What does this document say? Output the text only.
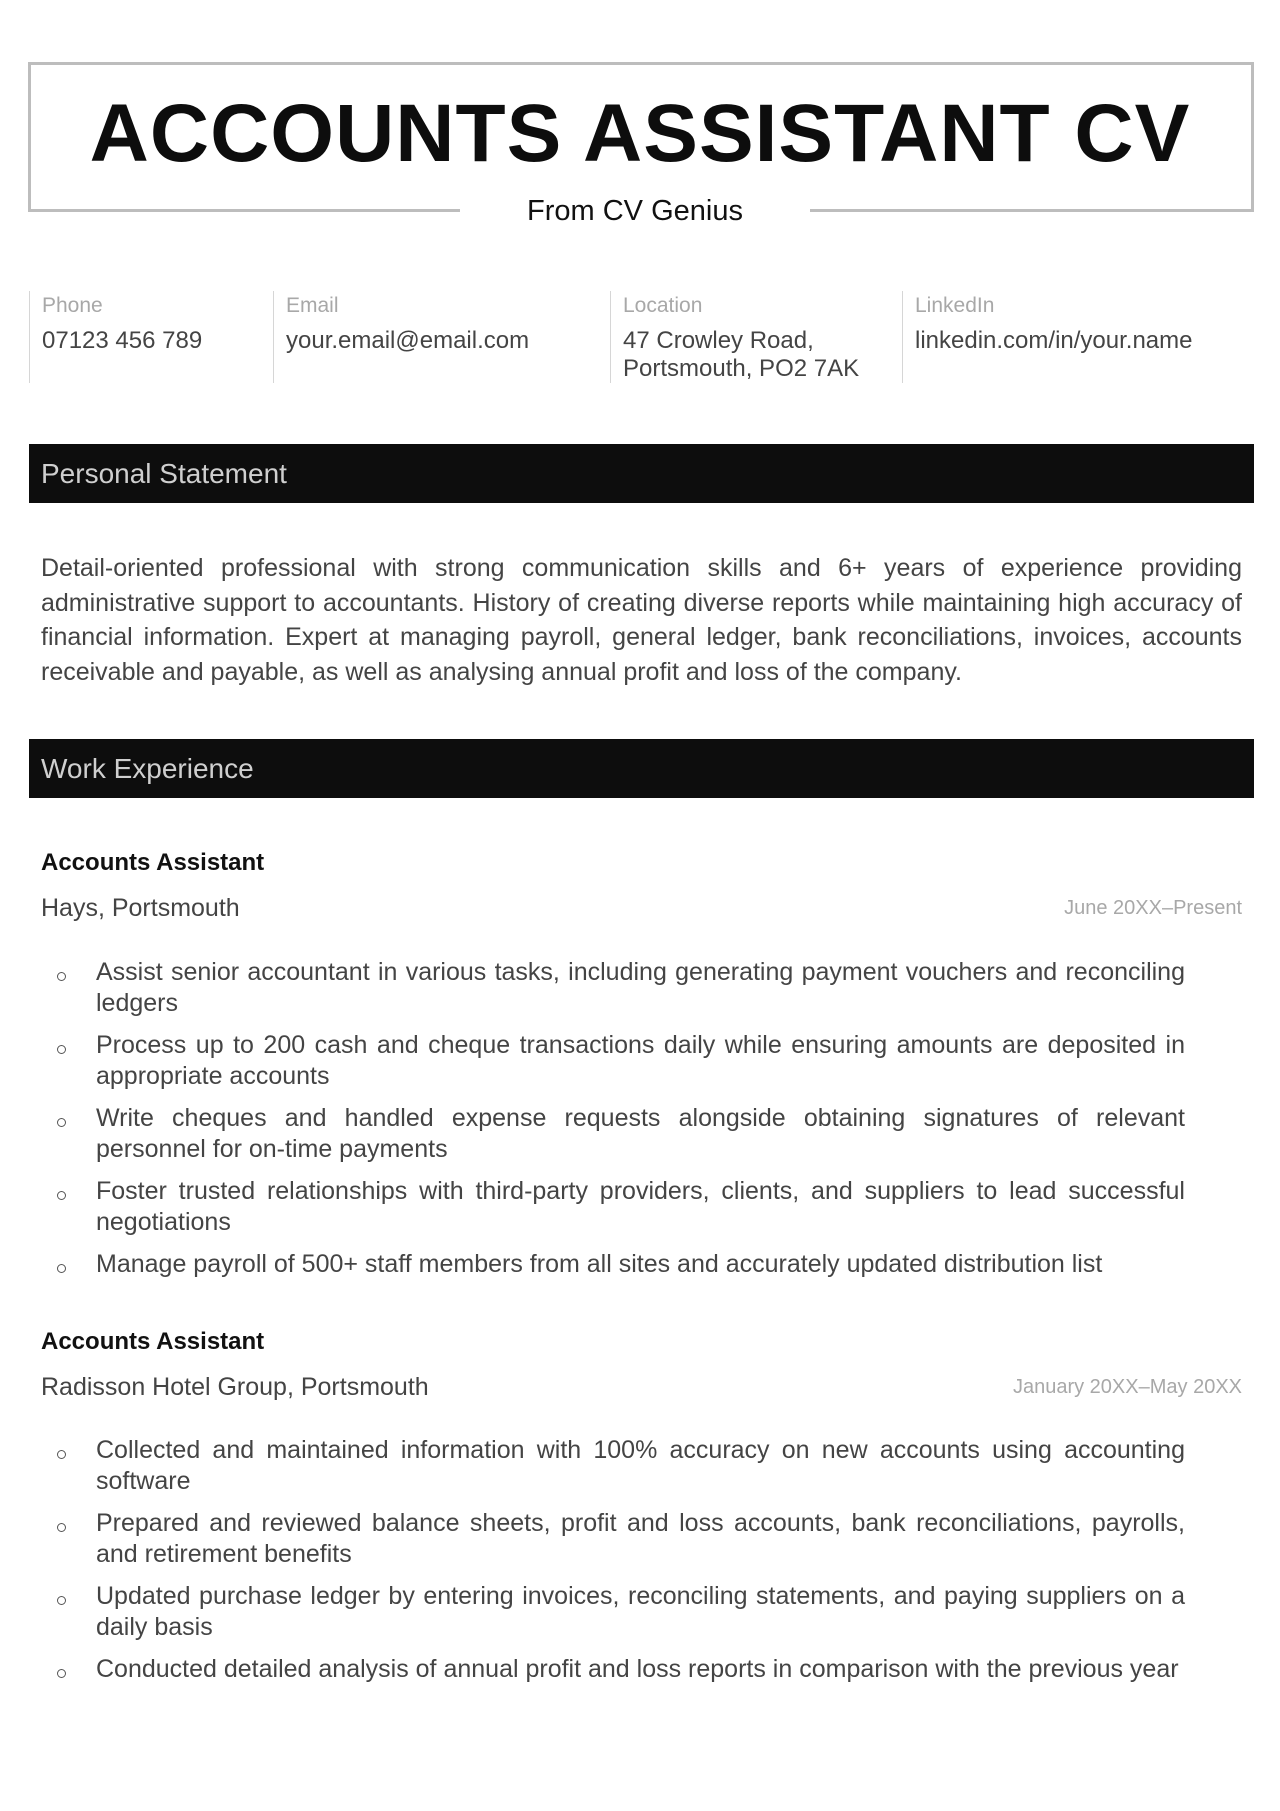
ACCOUNTS ASSISTANT CV
From CV Genius
Phone
07123 456 789
Email
your.email@email.com
Location
47 Crowley Road,
Portsmouth, PO2 7AK
LinkedIn
linkedin.com/in/your.name
Personal Statement

Detail-oriented professional with strong communication skills and 6+ years of experience providing administrative support to accountants. History of creating diverse reports while maintaining high accuracy of financial information. Expert at managing payroll, general ledger, bank reconciliations, invoices, accounts receivable and payable, as well as analysing annual profit and loss of the company.

Work Experience
Accounts Assistant
Hays, Portsmouth	June 20XX–Present
Assist senior accountant in various tasks, including generating payment vouchers and reconciling ledgers
Process up to 200 cash and cheque transactions daily while ensuring amounts are deposited in appropriate accounts
Write cheques and handled expense requests alongside obtaining signatures of relevant personnel for on-time payments
Foster trusted relationships with third-party providers, clients, and suppliers to lead successful negotiations
Manage payroll of 500+ staff members from all sites and accurately updated distribution list
Accounts Assistant
Radisson Hotel Group, Portsmouth	January 20XX–May 20XX
Collected and maintained information with 100% accuracy on new accounts using accounting software
Prepared and reviewed balance sheets, profit and loss accounts, bank reconciliations, payrolls, and retirement benefits
Updated purchase ledger by entering invoices, reconciling statements, and paying suppliers on a daily basis
Conducted detailed analysis of annual profit and loss reports in comparison with the previous year
